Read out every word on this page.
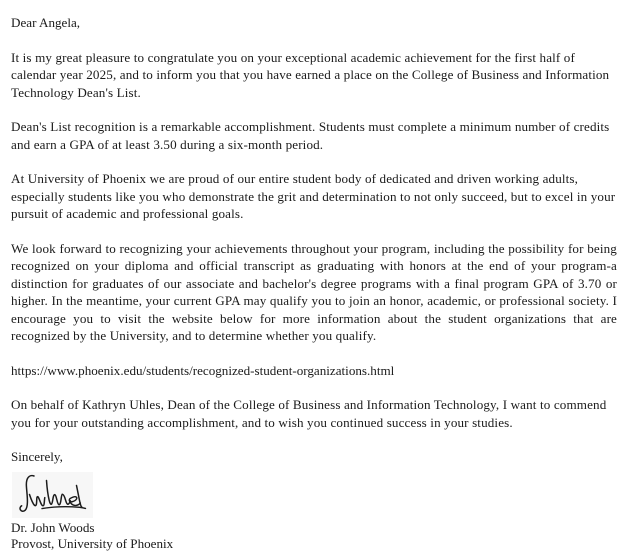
Dear Angela,

It is my great pleasure to congratulate you on your exceptional academic achievement for the first half of calendar year 2025, and to inform you that you have earned a place on the College of Business and Information Technology Dean's List.

Dean's List recognition is a remarkable accomplishment. Students must complete a minimum number of credits and earn a GPA of at least 3.50 during a six-month period.

At University of Phoenix we are proud of our entire student body of dedicated and driven working adults, especially students like you who demonstrate the grit and determination to not only succeed, but to excel in your pursuit of academic and professional goals.

We look forward to recognizing your achievements throughout your program, including the possibility for being recognized on your diploma and official transcript as graduating with honors at the end of your program-a distinction for graduates of our associate and bachelor's degree programs with a final program GPA of 3.70 or higher. In the meantime, your current GPA may qualify you to join an honor, academic, or professional society. I encourage you to visit the website below for more information about the student organizations that are recognized by the University, and to determine whether you qualify.

https://www.phoenix.edu/students/recognized-student-organizations.html

On behalf of Kathryn Uhles, Dean of the College of Business and Information Technology, I want to commend you for your outstanding accomplishment, and to wish you continued success in your studies.

Sincerely,

Dr. John Woods

Provost, University of Phoenix
